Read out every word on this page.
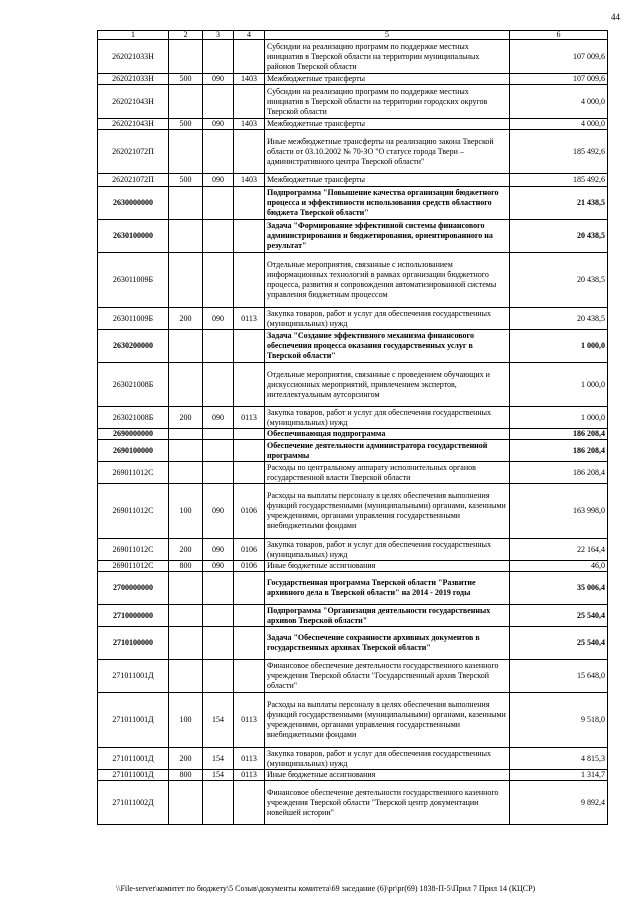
44
1	2	3	4	5	6
262021033Н				Субсидии на реализацию программ по поддержке местных инициатив в Тверской области на территории муниципальных районов Тверской области	107 009,6
262021033Н	500	090	1403	Межбюджетные трансферты	107 009,6
262021043Н				Субсидии на реализацию программ по поддержке местных инициатив в Тверской области на территории городских округов Тверской области	4 000,0
262021043Н	500	090	1403	Межбюджетные трансферты	4 000,0
262021072П				Иные межбюджетные трансферты на реализацию закона Тверской области от 03.10.2002 № 70-ЗО "О статусе города Твери – административного центра Тверской области"	185 492,6
262021072П	500	090	1403	Межбюджетные трансферты	185 492,6
2630000000				Подпрограмма "Повышение качества организации бюджетного процесса и эффективности использования средств областного бюджета Тверской области"	21 438,5
2630100000				Задача "Формирование эффективной системы финансового администрирования и бюджетирования, ориентированного на результат"	20 438,5
263011009Б				Отдельные мероприятия, связанные с использованием информационных технологий в рамках организации бюджетного процесса, развития и сопровождения автоматизированной системы управления бюджетным процессом	20 438,5
263011009Б	200	090	0113	Закупка товаров, работ и услуг для обеспечения государственных (муниципальных) нужд	20 438,5
2630200000				Задача "Создание эффективного механизма финансового обеспечения процесса оказания государственных услуг в Тверской области"	1 000,0
263021008Б				Отдельные мероприятия, связанные с проведением обучающих и дискуссионных мероприятий, привлечением экспертов, интеллектуальным аутсорсингом	1 000,0
263021008Б	200	090	0113	Закупка товаров, работ и услуг для обеспечения государственных (муниципальных) нужд	1 000,0
2690000000				Обеспечивающая подпрограмма	186 208,4
2690100000				Обеспечение деятельности администратора государственной программы	186 208,4
269011012С				Расходы по центральному аппарату исполнительных органов государственной власти Тверской области	186 208,4
269011012С	100	090	0106	Расходы на выплаты персоналу в целях обеспечения выполнения функций государственными (муниципальными) органами, казенными учреждениями, органами управления государственными внебюджетными фондами	163 998,0
269011012С	200	090	0106	Закупка товаров, работ и услуг для обеспечения государственных (муниципальных) нужд	22 164,4
269011012С	800	090	0106	Иные бюджетные ассигнования	46,0
2700000000				Государственная программа Тверской области "Развитие архивного дела в Тверской области" на 2014 - 2019 годы	35 006,4
2710000000				Подпрограмма "Организация деятельности государственных архивов Тверской области"	25 540,4
2710100000				Задача "Обеспечение сохранности архивных документов в государственных архивах Тверской области"	25 540,4
271011001Д				Финансовое обеспечение деятельности государственного казенного учреждения Тверской области "Государственный архив Тверской области"	15 648,0
271011001Д	100	154	0113	Расходы на выплаты персоналу в целях обеспечения выполнения функций государственными (муниципальными) органами, казенными учреждениями, органами управления государственными внебюджетными фондами	9 518,0
271011001Д	200	154	0113	Закупка товаров, работ и услуг для обеспечения государственных (муниципальных) нужд	4 815,3
271011001Д	800	154	0113	Иные бюджетные ассигнования	1 314,7
271011002Д				Финансовое обеспечение деятельности государственного казенного учреждения Тверской области "Тверской центр документации новейшей истории"	9 892,4
\\File-server\комитет по бюджету\5 Созыв\документы комитета\69 заседание (6)\pr\pr(69) 1838-П-5\Прил 7 Прил 14 (КЦСР)
